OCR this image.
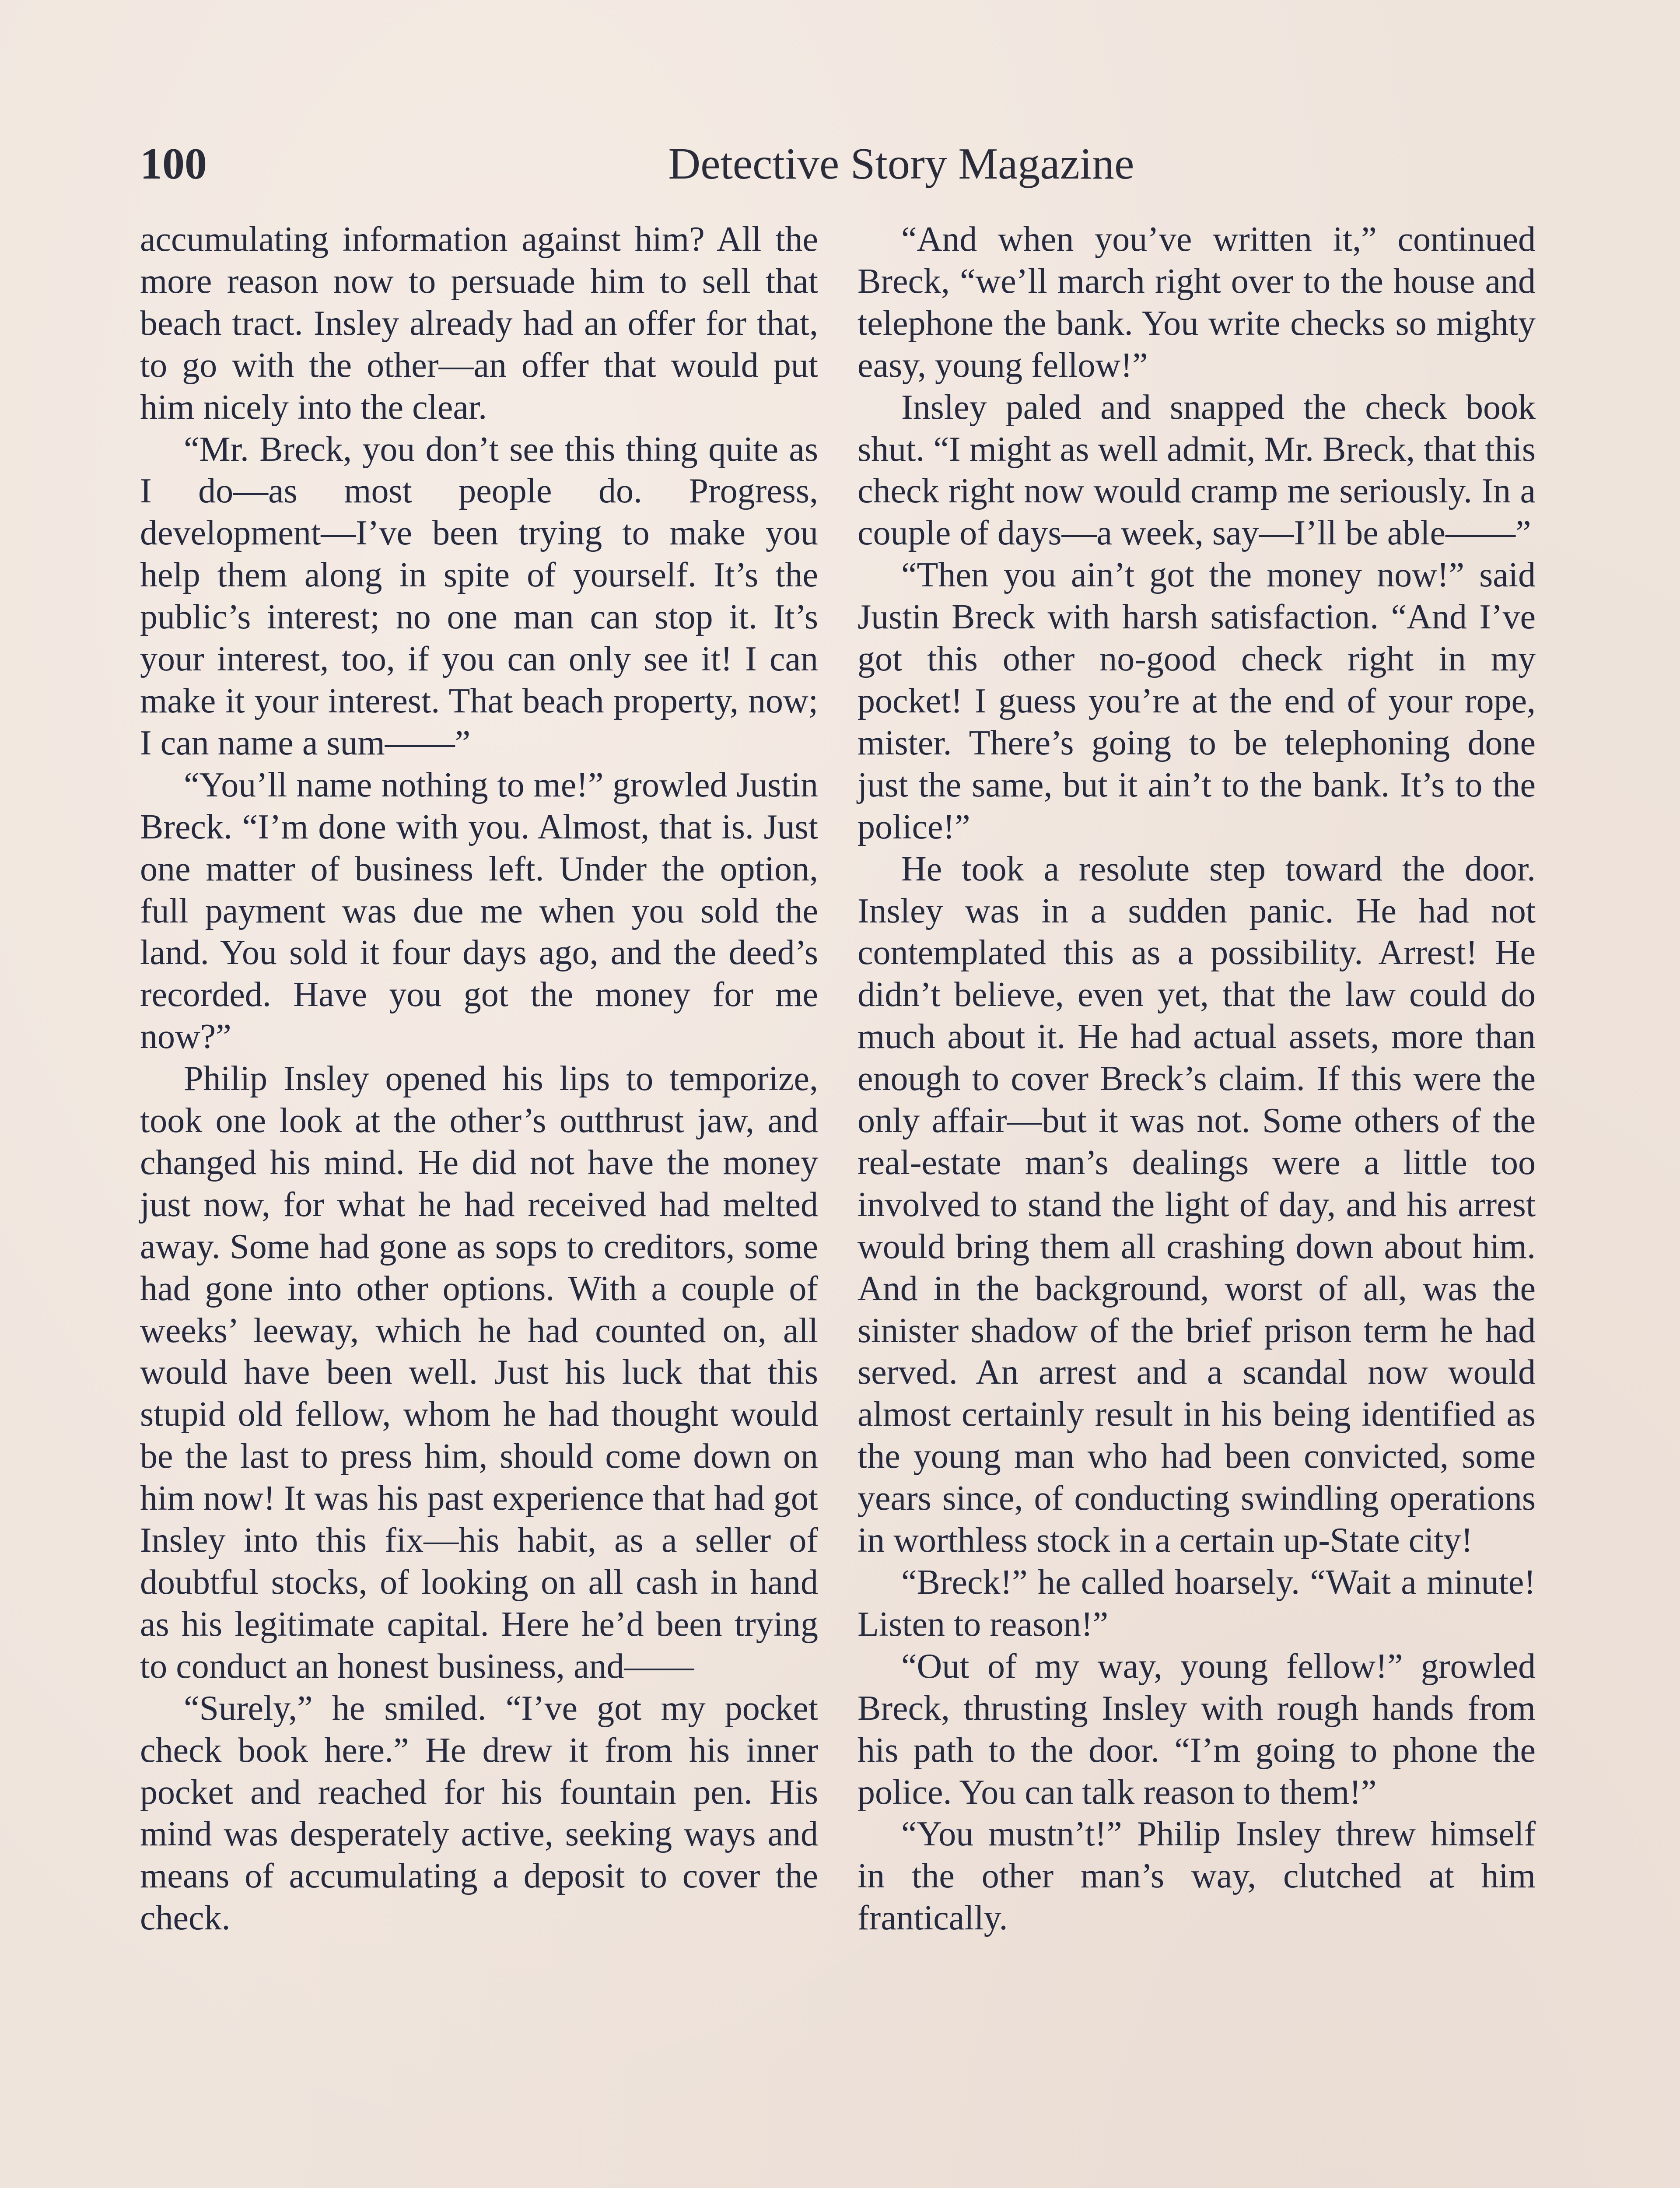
100	Detective Story Magazine

accumulating information against him? All the more reason now to persuade him to sell that beach tract. Insley already had an offer for that, to go with the other—an offer that would put him nicely into the clear.

“Mr. Breck, you don’t see this thing quite as I do—as most people do. Progress, development—I’ve been trying to make you help them along in spite of yourself. It’s the public’s interest; no one man can stop it. It’s your interest, too, if you can only see it! I can make it your interest. That beach property, now; I can name a sum——”

“You’ll name nothing to me!” growled Justin Breck. “I’m done with you. Almost, that is. Just one matter of business left. Under the option, full payment was due me when you sold the land. You sold it four days ago, and the deed’s recorded. Have you got the money for me now?”

Philip Insley opened his lips to temporize, took one look at the other’s outthrust jaw, and changed his mind. He did not have the money just now, for what he had received had melted away. Some had gone as sops to creditors, some had gone into other options. With a couple of weeks’ leeway, which he had counted on, all would have been well. Just his luck that this stupid old fellow, whom he had thought would be the last to press him, should come down on him now! It was his past experience that had got Insley into this fix—his habit, as a seller of doubtful stocks, of looking on all cash in hand as his legitimate capital. Here he’d been trying to conduct an honest business, and——

“Surely,” he smiled. “I’ve got my pocket check book here.” He drew it from his inner pocket and reached for his fountain pen. His mind was desperately active, seeking ways and means of accumulating a deposit to cover the check.

“And when you’ve written it,” continued Breck, “we’ll march right over to the house and telephone the bank. You write checks so mighty easy, young fellow!”

Insley paled and snapped the check book shut. “I might as well admit, Mr. Breck, that this check right now would cramp me seriously. In a couple of days—a week, say—I’ll be able——”

“Then you ain’t got the money now!” said Justin Breck with harsh satisfaction. “And I’ve got this other no-good check right in my pocket! I guess you’re at the end of your rope, mister. There’s going to be telephoning done just the same, but it ain’t to the bank. It’s to the police!”

He took a resolute step toward the door. Insley was in a sudden panic. He had not contemplated this as a possibility. Arrest! He didn’t believe, even yet, that the law could do much about it. He had actual assets, more than enough to cover Breck’s claim. If this were the only affair—but it was not. Some others of the real-estate man’s dealings were a little too involved to stand the light of day, and his arrest would bring them all crashing down about him. And in the background, worst of all, was the sinister shadow of the brief prison term he had served. An arrest and a scandal now would almost certainly result in his being identified as the young man who had been convicted, some years since, of conducting swindling operations in worthless stock in a certain up-State city!

“Breck!” he called hoarsely. “Wait a minute! Listen to reason!”

“Out of my way, young fellow!” growled Breck, thrusting Insley with rough hands from his path to the door. “I’m going to phone the police. You can talk reason to them!”

“You mustn’t!” Philip Insley threw himself in the other man’s way, clutched at him frantically.
